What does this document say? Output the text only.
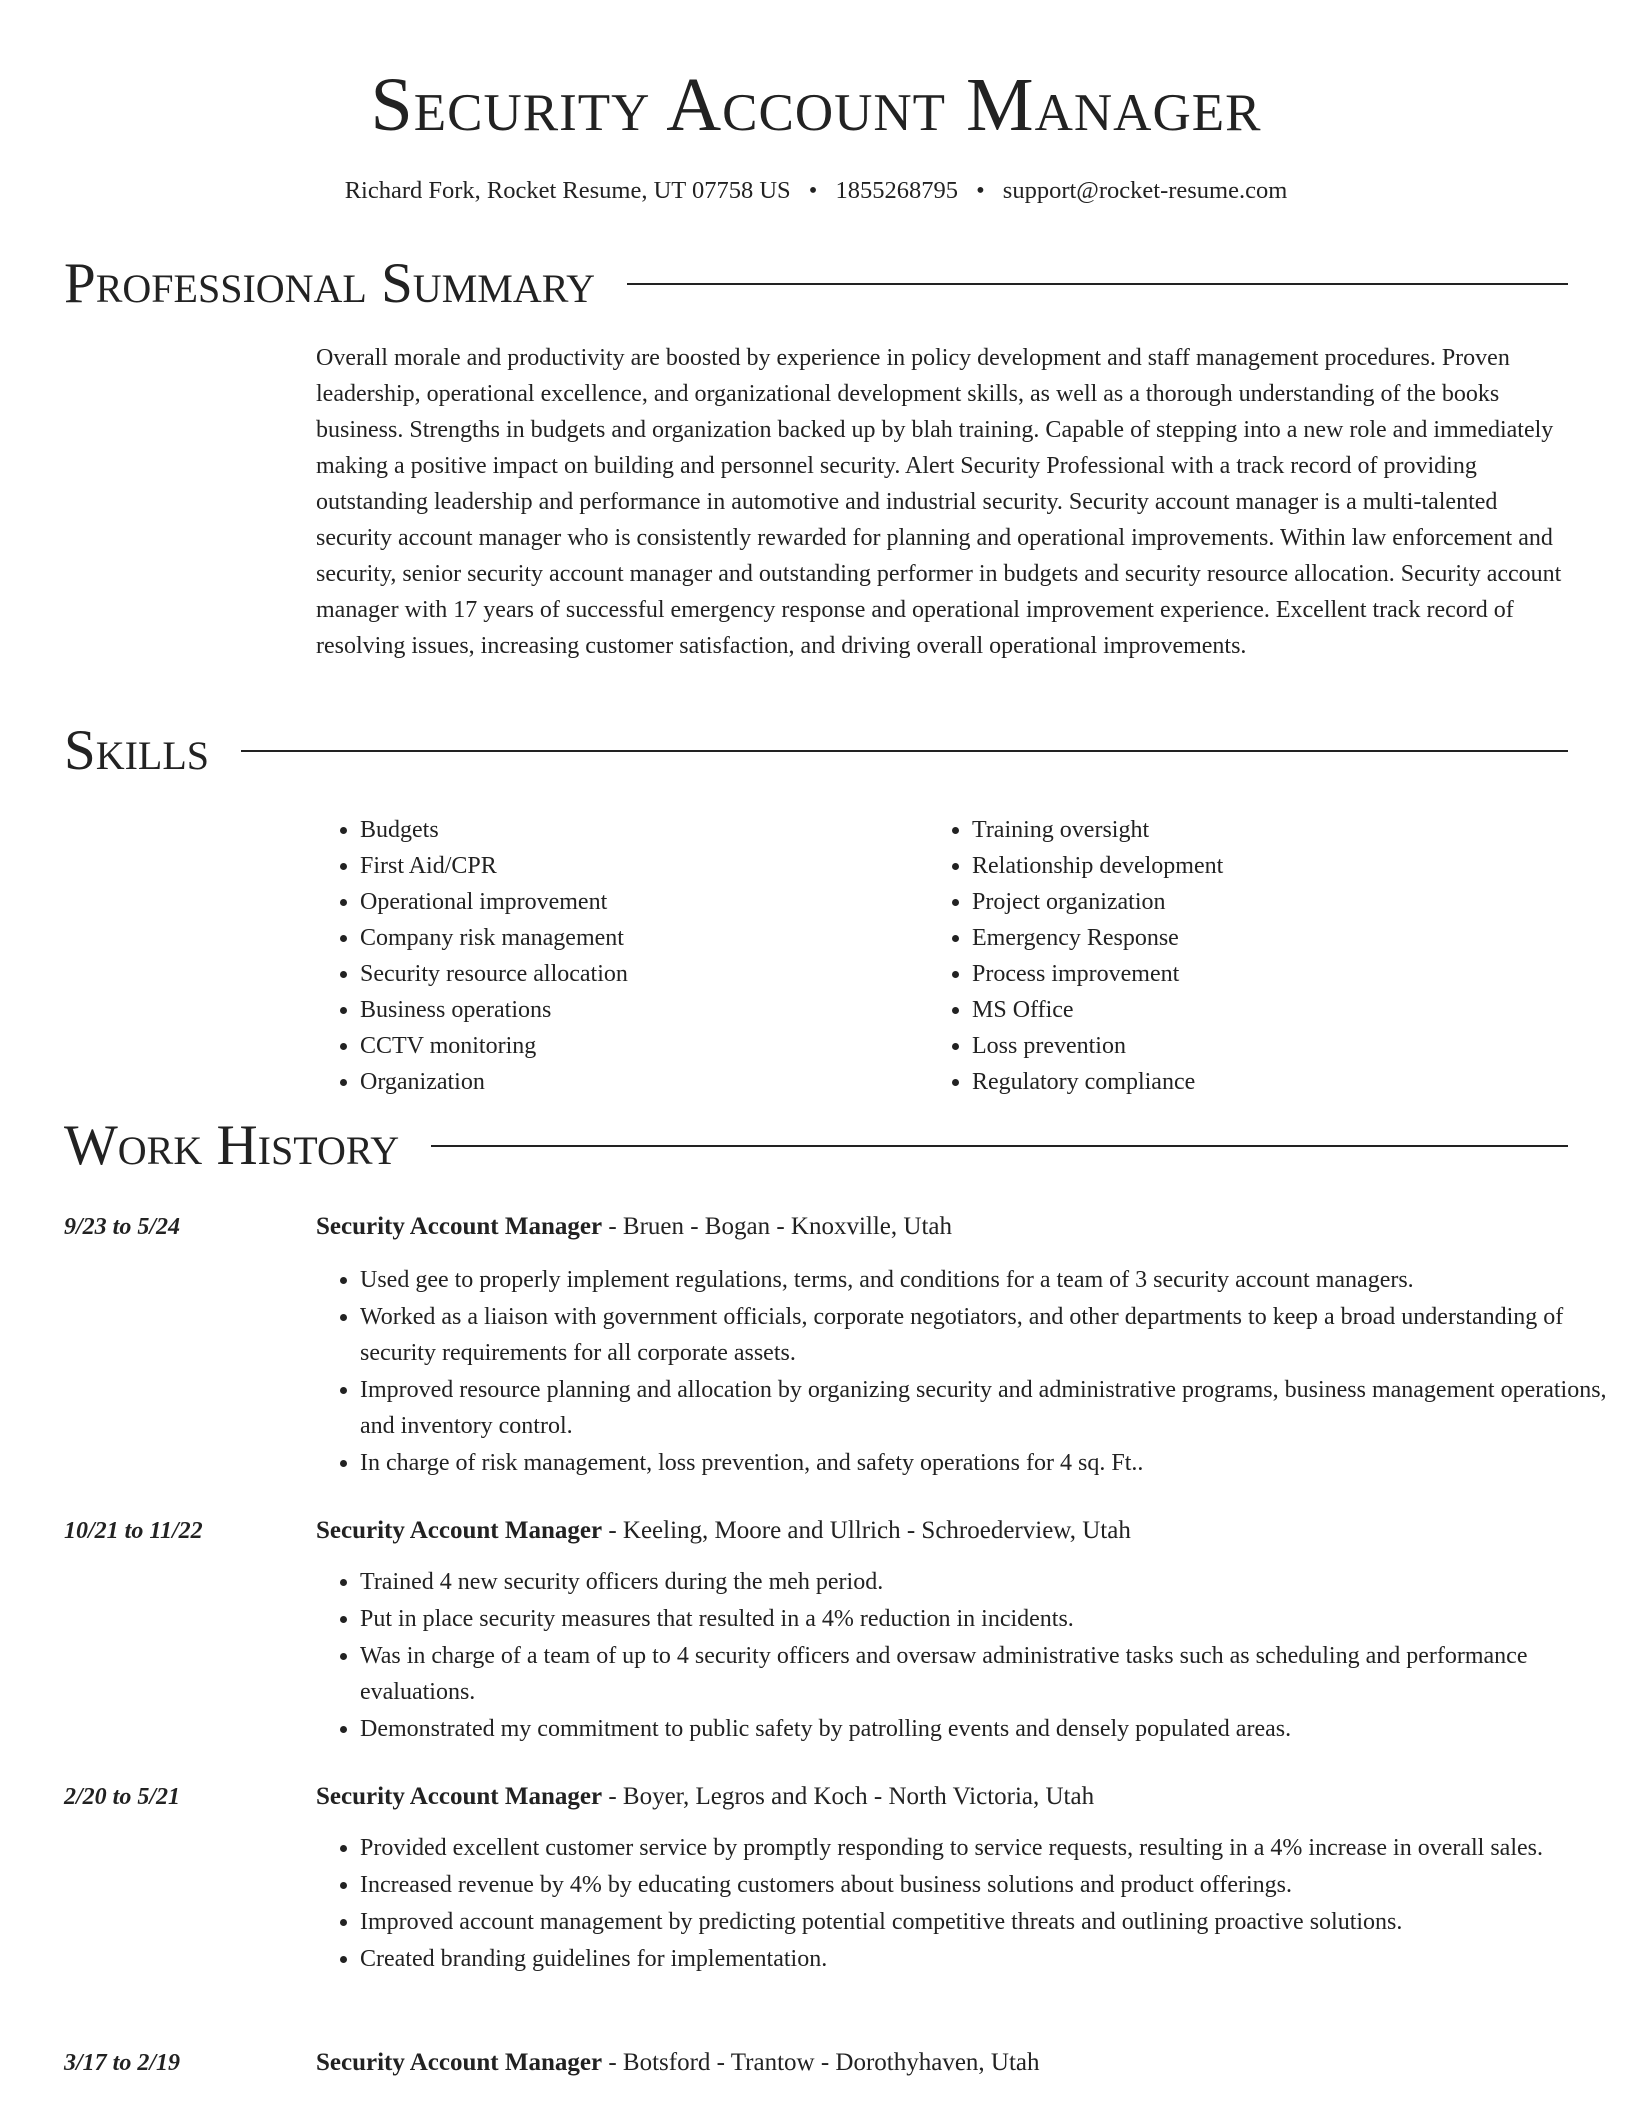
Security Account Manager
Richard Fork, Rocket Resume, UT 07758 US • 1855268795 • support@rocket-resume.com
Professional Summary

Overall morale and productivity are boosted by experience in policy development and staff management procedures. Proven leadership, operational excellence, and organizational development skills, as well as a thorough understanding of the books business. Strengths in budgets and organization backed up by blah training. Capable of stepping into a new role and immediately making a positive impact on building and personnel security. Alert Security Professional with a track record of providing outstanding leadership and performance in automotive and industrial security. Security account manager is a multi-talented security account manager who is consistently rewarded for planning and operational improvements. Within law enforcement and security, senior security account manager and outstanding performer in budgets and security resource allocation. Security account manager with 17 years of successful emergency response and operational improvement experience. Excellent track record of resolving issues, increasing customer satisfaction, and driving overall operational improvements.

Skills
• Budgets
• First Aid/CPR
• Operational improvement
• Company risk management
• Security resource allocation
• Business operations
• CCTV monitoring
• Organization
• Training oversight
• Relationship development
• Project organization
• Emergency Response
• Process improvement
• MS Office
• Loss prevention
• Regulatory compliance
Work History
9/23 to 5/24	Security Account Manager - Bruen - Bogan - Knoxville, Utah
• Used gee to properly implement regulations, terms, and conditions for a team of 3 security account managers.
• Worked as a liaison with government officials, corporate negotiators, and other departments to keep a broad understanding of security requirements for all corporate assets.
• Improved resource planning and allocation by organizing security and administrative programs, business management operations, and inventory control.
• In charge of risk management, loss prevention, and safety operations for 4 sq. Ft..
10/21 to 11/22	Security Account Manager - Keeling, Moore and Ullrich - Schroederview, Utah
• Trained 4 new security officers during the meh period.
• Put in place security measures that resulted in a 4% reduction in incidents.
• Was in charge of a team of up to 4 security officers and oversaw administrative tasks such as scheduling and performance evaluations.
• Demonstrated my commitment to public safety by patrolling events and densely populated areas.
2/20 to 5/21	Security Account Manager - Boyer, Legros and Koch - North Victoria, Utah
• Provided excellent customer service by promptly responding to service requests, resulting in a 4% increase in overall sales.
• Increased revenue by 4% by educating customers about business solutions and product offerings.
• Improved account management by predicting potential competitive threats and outlining proactive solutions.
• Created branding guidelines for implementation.
3/17 to 2/19	Security Account Manager - Botsford - Trantow - Dorothyhaven, Utah
